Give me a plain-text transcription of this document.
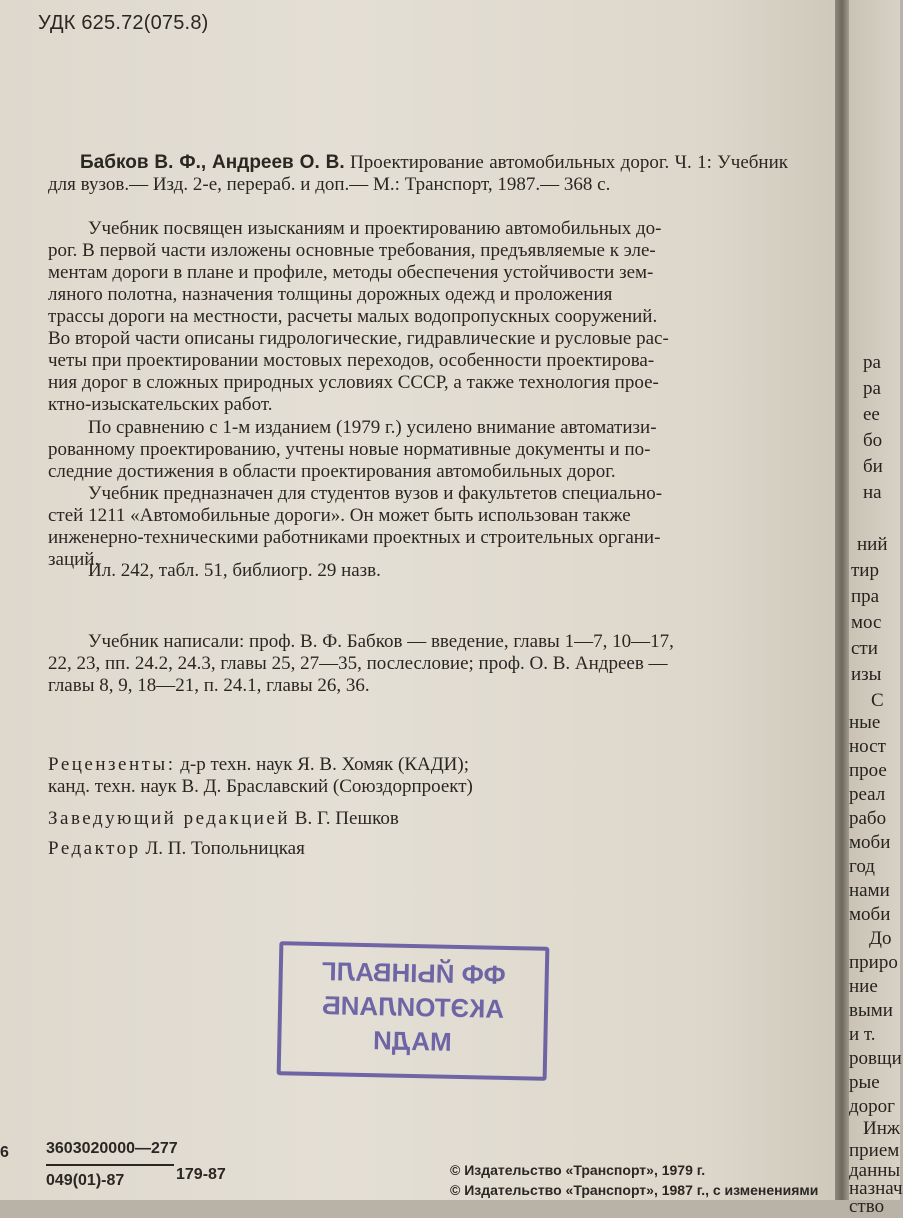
УДК 625.72(075.8)
Бабков В. Ф., Андреев О. В. Проектирование автомобильных дорог. Ч. 1: Учебник для вузов.— Изд. 2-е, перераб. и доп.— М.: Транспорт, 1987.— 368 с.
Учебник посвящен изысканиям и проектированию автомобильных до-
рог. В первой части изложены основные требования, предъявляемые к эле-
ментам дороги в плане и профиле, методы обеспечения устойчивости зем-
ляного полотна, назначения толщины дорожных одежд и проложения
трассы дороги на местности, расчеты малых водопропускных сооружений.
Во второй части описаны гидрологические, гидравлические и русловые рас-
четы при проектировании мостовых переходов, особенности проектирова-
ния дорог в сложных природных условиях СССР, а также технология прое-
ктно-изыскательских работ.
По сравнению с 1-м изданием (1979 г.) усилено внимание автоматизи-
рованному проектированию, учтены новые нормативные документы и по-
следние достижения в области проектирования автомобильных дорог.
Учебник предназначен для студентов вузов и факультетов специально-
стей 1211 «Автомобильные дороги». Он может быть использован также
инженерно-техническими работниками проектных и строительных органи-
заций.
Ил. 242, табл. 51, библиогр. 29 назв.
Учебник написали: проф. В. Ф. Бабков — введение, главы 1—7, 10—17,
22, 23, пп. 24.2, 24.3, главы 25, 27—35, послесловие; проф. О. В. Андреев —
главы 8, 9, 18—21, п. 24.1, главы 26, 36.
Рецензенты: д-р техн. наук Я. В. Хомяк (КАДИ);
канд. техн. наук В. Д. Браславский (Союздорпроект)
Заведующий редакцией В. Г. Пешков
Редактор Л. П. Топольницкая
ФФ ЙЫНВАЛГ
АКЭТОИЛАИБ
МАДИ
6 3603020000—277
049(01)-87	179-87	© Издательство «Транспорт», 1979 г.
© Издательство «Транспорт», 1987 г., с изменениями
ра
ра
ее
бо
би
на
ний
тир
пра
мос
сти
изы
С
ные
ност
прое
реал
рабо
моби
год
нами
моби
До
приро
ние
выми
и т.
ровщи
рые
дорог
Инж
прием
данны
назнач
ство
